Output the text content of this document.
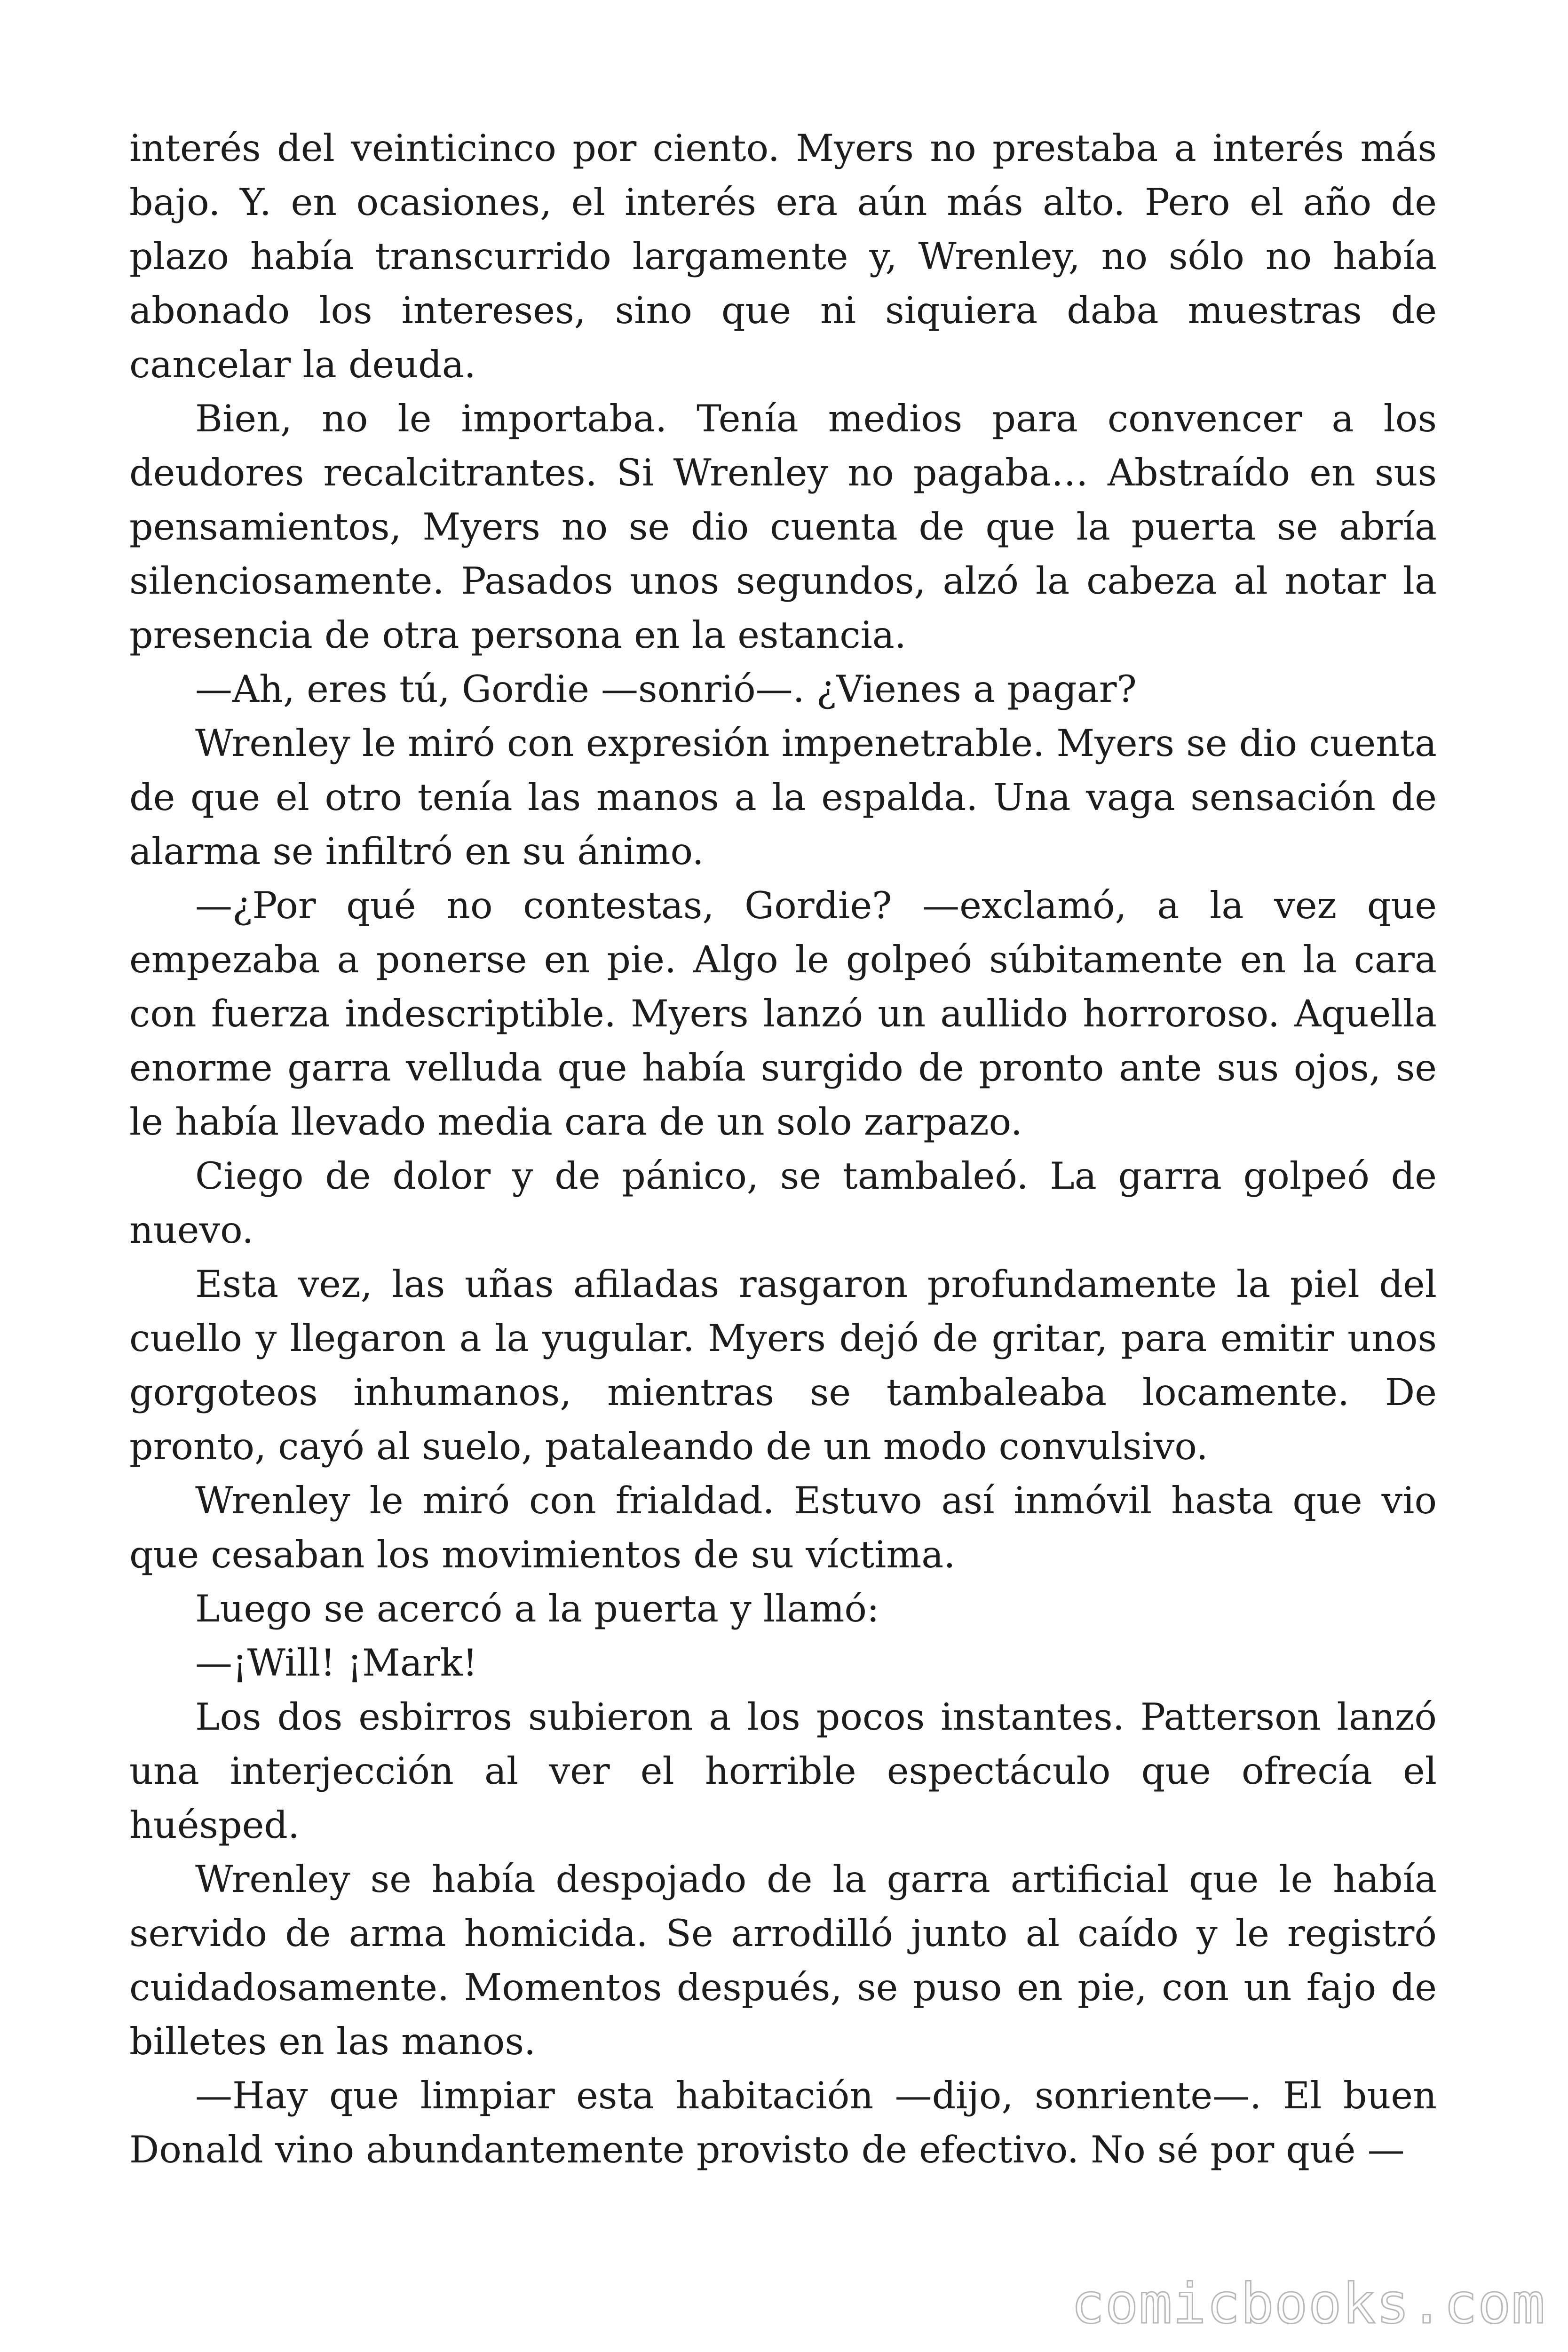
interés del veinticinco por ciento. Myers no prestaba a interés más bajo. Y. en ocasiones, el interés era aún más alto. Pero el año de plazo había transcurrido largamente y, Wrenley, no sólo no había abonado los intereses, sino que ni siquiera daba muestras de cancelar la deuda.

Bien, no le importaba. Tenía medios para convencer a los deudores recalcitrantes. Si Wrenley no pagaba… Abstraído en sus pensamientos, Myers no se dio cuenta de que la puerta se abría silenciosamente. Pasados unos segundos, alzó la cabeza al notar la presencia de otra persona en la estancia.

—Ah, eres tú, Gordie —sonrió—. ¿Vienes a pagar?

Wrenley le miró con expresión impenetrable. Myers se dio cuenta de que el otro tenía las manos a la espalda. Una vaga sensación de alarma se infiltró en su ánimo.

—¿Por qué no contestas, Gordie? —exclamó, a la vez que empezaba a ponerse en pie. Algo le golpeó súbitamente en la cara con fuerza indescriptible. Myers lanzó un aullido horroroso. Aquella enorme garra velluda que había surgido de pronto ante sus ojos, se le había llevado media cara de un solo zarpazo.

Ciego de dolor y de pánico, se tambaleó. La garra golpeó de nuevo.

Esta vez, las uñas afiladas rasgaron profundamente la piel del cuello y llegaron a la yugular. Myers dejó de gritar, para emitir unos gorgoteos inhumanos, mientras se tambaleaba locamente. De pronto, cayó al suelo, pataleando de un modo convulsivo.

Wrenley le miró con frialdad. Estuvo así inmóvil hasta que vio que cesaban los movimientos de su víctima.

Luego se acercó a la puerta y llamó:

—¡Will! ¡Mark!

Los dos esbirros subieron a los pocos instantes. Patterson lanzó una interjección al ver el horrible espectáculo que ofrecía el huésped.

Wrenley se había despojado de la garra artificial que le había servido de arma homicida. Se arrodilló junto al caído y le registró cuidadosamente. Momentos después, se puso en pie, con un fajo de billetes en las manos.

—Hay que limpiar esta habitación —dijo, sonriente—. El buen Donald vino abundantemente provisto de efectivo. No sé por qué —

comicbooks.com
